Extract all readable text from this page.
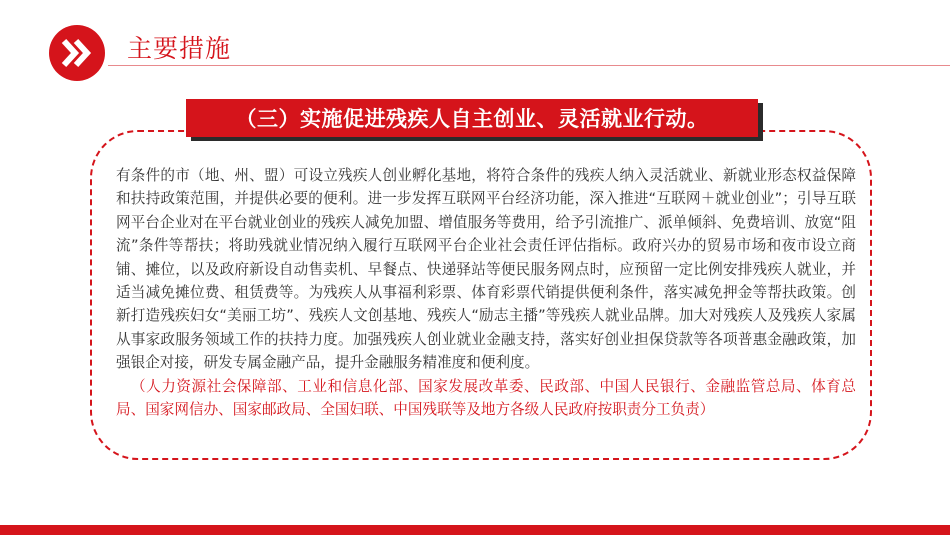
主要措施
（三）实施促进残疾人自主创业、灵活就业行动。

有条件的市（地、州、盟）可设立残疾人创业孵化基地，将符合条件的残疾人纳入灵活就业、新就业形态权益保障和扶持政策范围，并提供必要的便利。进一步发挥互联网平台经济功能，深入推进“互联网＋就业创业”；引导互联网平台企业对在平台就业创业的残疾人减免加盟、增值服务等费用，给予引流推广、派单倾斜、免费培训、放宽“阻流”条件等帮扶；将助残就业情况纳入履行互联网平台企业社会责任评估指标。政府兴办的贸易市场和夜市设立商铺、摊位，以及政府新设自动售卖机、早餐点、快递驿站等便民服务网点时，应预留一定比例安排残疾人就业，并适当减免摊位费、租赁费等。为残疾人从事福利彩票、体育彩票代销提供便利条件，落实减免押金等帮扶政策。创新打造残疾妇女“美丽工坊”、残疾人文创基地、残疾人“励志主播”等残疾人就业品牌。加大对残疾人及残疾人家属从事家政服务领域工作的扶持力度。加强残疾人创业就业金融支持，落实好创业担保贷款等各项普惠金融政策，加强银企对接，研发专属金融产品，提升金融服务精准度和便利度。

（人力资源社会保障部、工业和信息化部、国家发展改革委、民政部、中国人民银行、金融监管总局、体育总局、国家网信办、国家邮政局、全国妇联、中国残联等及地方各级人民政府按职责分工负责）
